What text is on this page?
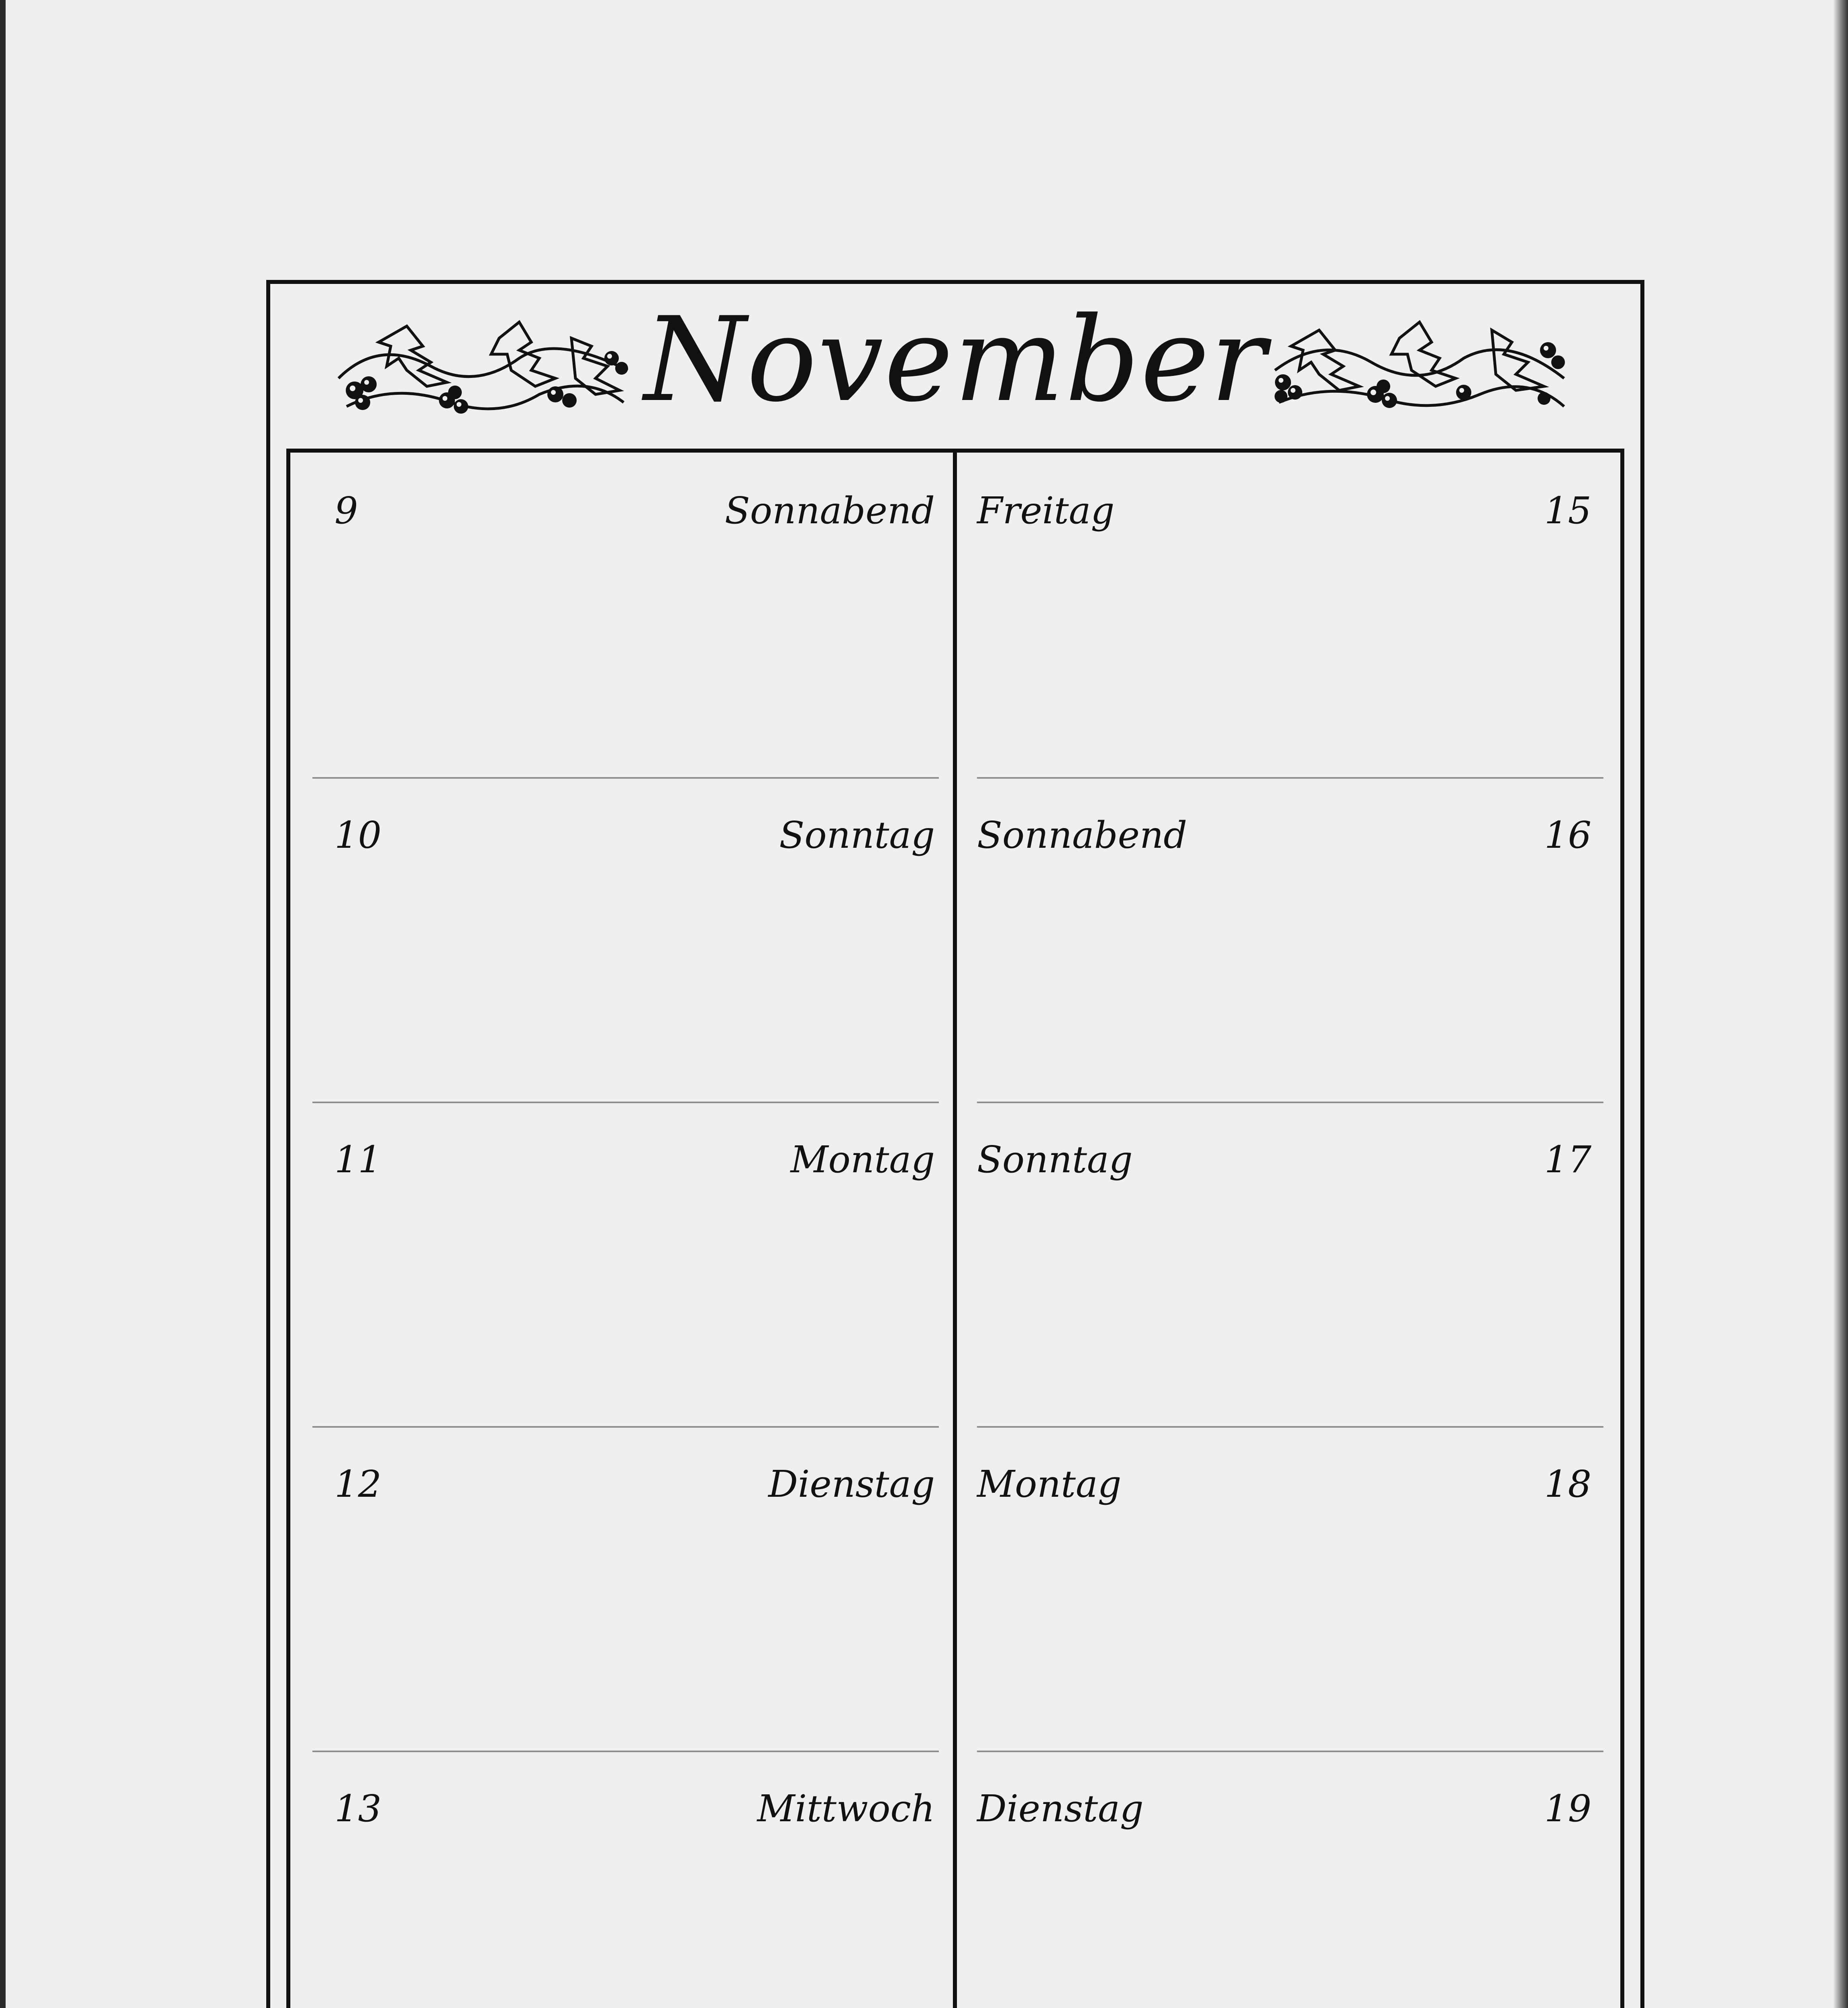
November
9	Sonnabend
10	Sonntag
11	Montag
12	Dienstag
13	Mittwoch
Freitag	15
Sonnabend	16
Sonntag	17
Montag	18
Dienstag	19
